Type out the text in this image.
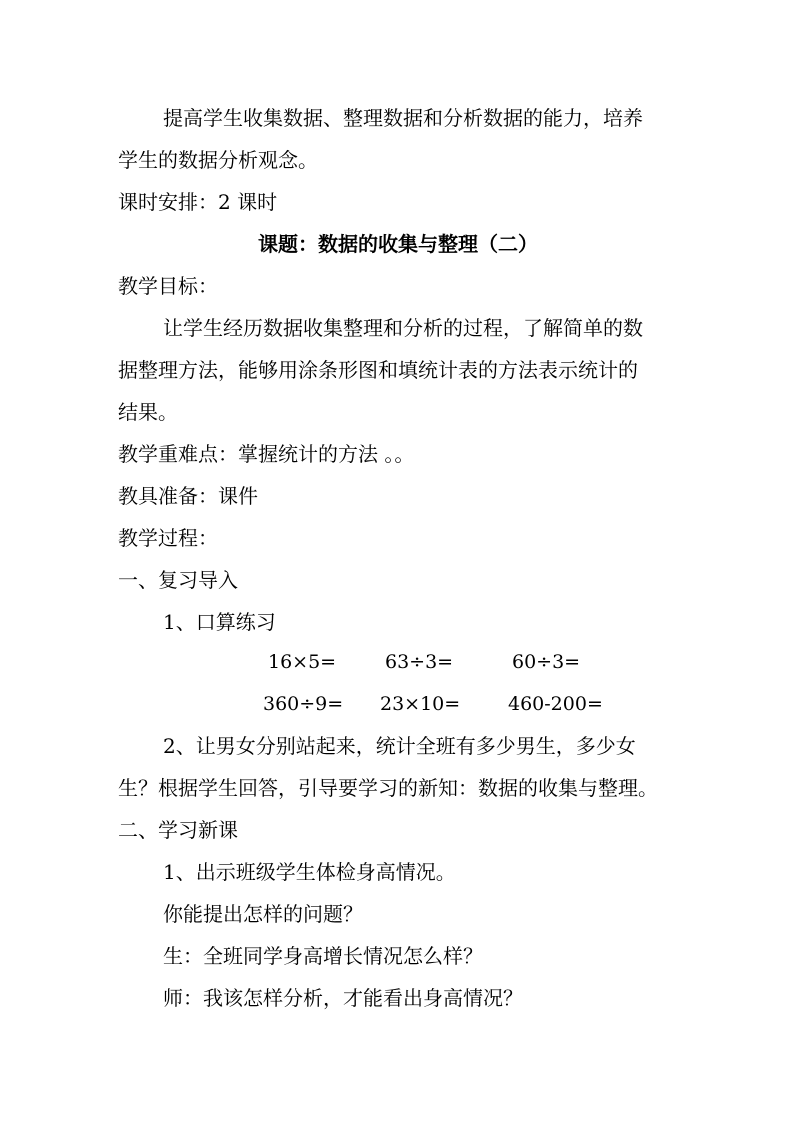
提高学生收集数据、整理数据和分析数据的能力，培养
学生的数据分析观念。
课时安排：2 课时
课题：数据的收集与整理（二）
教学目标：
让学生经历数据收集整理和分析的过程，了解简单的数
据整理方法，能够用涂条形图和填统计表的方法表示统计的
结果。
教学重难点：掌握统计的方法 。。
教具准备：课件
教学过程：
一、复习导入
1、口算练习
16×5=	63÷3=	60÷3=
360÷9= 23×10=	460-200=
2、让男女分别站起来，统计全班有多少男生，多少女
生？根据学生回答，引导要学习的新知：数据的收集与整理。
二、学习新课
1、出示班级学生体检身高情况。
你能提出怎样的问题？
生：全班同学身高增长情况怎么样？
师：我该怎样分析，才能看出身高情况？
